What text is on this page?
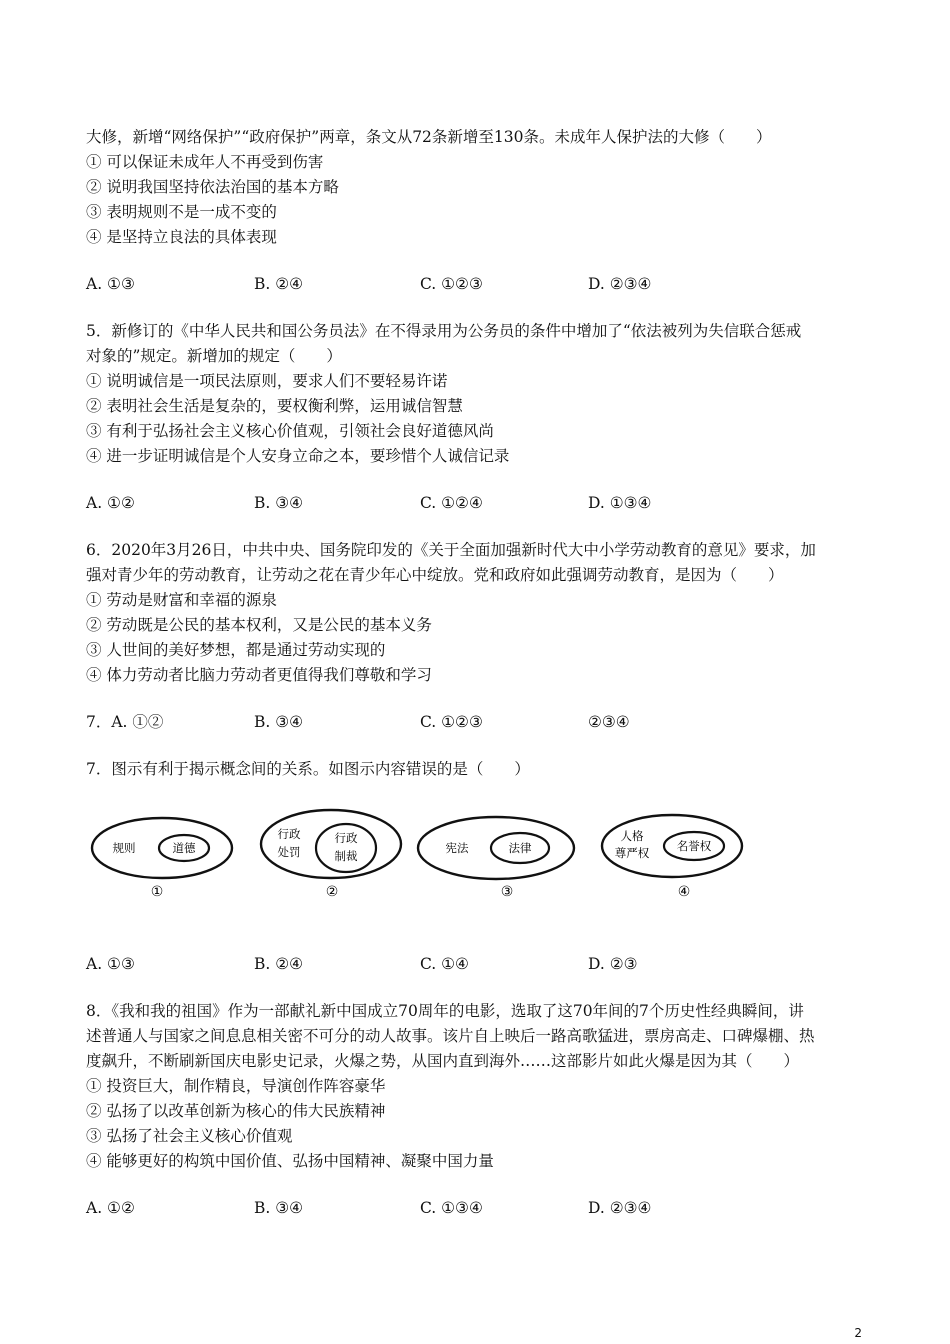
大修，新增“网络保护”“政府保护”两章，条文从72条新增至130条。未成年人保护法的大修（　　）
① 可以保证未成年人不再受到伤害
② 说明我国坚持依法治国的基本方略
③ 表明规则不是一成不变的
④ 是坚持立良法的具体表现
A. ①③	B. ②④	C. ①②③	D. ②③④
5．新修订的《中华人民共和国公务员法》在不得录用为公务员的条件中增加了“依法被列为失信联合惩戒
对象的”规定。新增加的规定（　　）
① 说明诚信是一项民法原则，要求人们不要轻易许诺
② 表明社会生活是复杂的，要权衡利弊，运用诚信智慧
③ 有利于弘扬社会主义核心价值观，引领社会良好道德风尚
④ 进一步证明诚信是个人安身立命之本，要珍惜个人诚信记录
A. ①②	B. ③④	C. ①②④	D. ①③④
6．2020年3月26日，中共中央、国务院印发的《关于全面加强新时代大中小学劳动教育的意见》要求，加
强对青少年的劳动教育，让劳动之花在青少年心中绽放。党和政府如此强调劳动教育，是因为（　　）
① 劳动是财富和幸福的源泉
② 劳动既是公民的基本权利，又是公民的基本义务
③ 人世间的美好梦想，都是通过劳动实现的
④ 体力劳动者比脑力劳动者更值得我们尊敬和学习
7．A. ①②	B. ③④	C. ①②③	②③④
7．图示有利于揭示概念间的关系。如图示内容错误的是（　　）
规则	道德
①
行政
处罚
行政
制裁
②
宪法	法律
③
人格
尊严权 名誉权
④
A. ①③	B. ②④	C. ①④	D. ②③
8．《我和我的祖国》作为一部献礼新中国成立70周年的电影，选取了这70年间的7个历史性经典瞬间，讲
述普通人与国家之间息息相关密不可分的动人故事。该片自上映后一路高歌猛进，票房高走、口碑爆棚、热
度飙升，不断刷新国庆电影史记录，火爆之势，从国内直到海外……这部影片如此火爆是因为其（　　）
① 投资巨大，制作精良，导演创作阵容豪华
② 弘扬了以改革创新为核心的伟大民族精神
③ 弘扬了社会主义核心价值观
④ 能够更好的构筑中国价值、弘扬中国精神、凝聚中国力量
A. ①②	B. ③④	C. ①③④	D. ②③④
2
